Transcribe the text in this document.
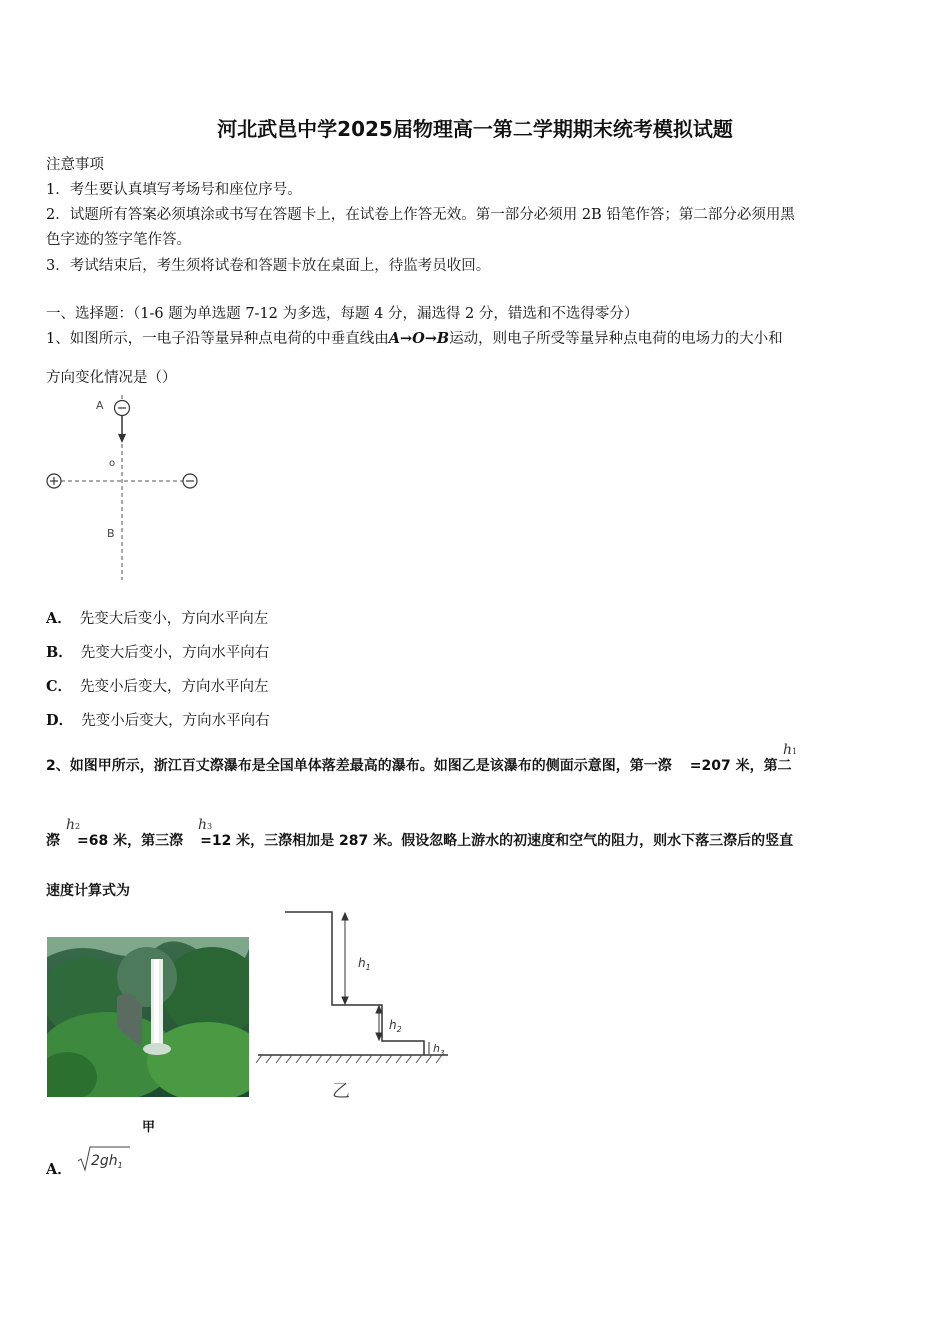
河北武邑中学2025届物理高一第二学期期末统考模拟试题
注意事项
1．考生要认真填写考场号和座位序号。
2．试题所有答案必须填涂或书写在答题卡上，在试卷上作答无效。第一部分必须用 2B 铅笔作答；第二部分必须用黑
色字迹的签字笔作答。
3．考试结束后，考生须将试卷和答题卡放在桌面上，待监考员收回。
一、选择题：（1-6 题为单选题 7-12 为多选，每题 4 分，漏选得 2 分，错选和不选得零分）
1、如图所示，一电子沿等量异种点电荷的中垂直线由A→O→B运动，则电子所受等量异种点电荷的电场力的大小和
方向变化情况是（）
A
o
B
A． 先变大后变小，方向水平向左
B． 先变大后变小，方向水平向右
C． 先变小后变大，方向水平向左
D． 先变小后变大，方向水平向右
2、如图甲所示，浙江百丈漈瀑布是全国单体落差最高的瀑布。如图乙是该瀑布的侧面示意图，第一漈 =207 米，第二
h1
漈 =68 米，第三漈 =12 米，三漈相加是 287 米。假设忽略上游水的初速度和空气的阻力，则水下落三漈后的竖直
h2	h3
速度计算式为
甲
$h_1$
$h_2$
$h_3$
乙
A．	$2gh_1$
